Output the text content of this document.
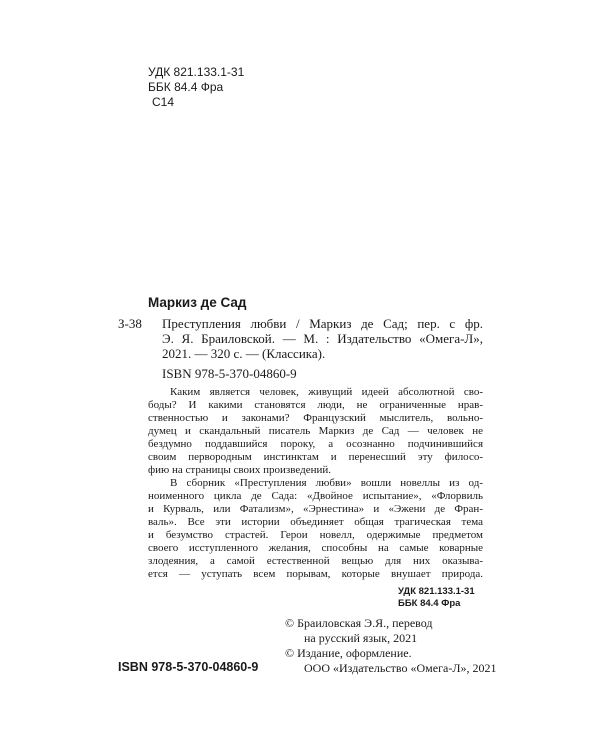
УДК 821.133.1-31
ББК 84.4 Фра
С14
Маркиз де Сад
З-38 Преступления любви / Маркиз де Сад; пер. с фр.
Э. Я. Браиловской. — М. : Издательство «Омега-Л»,
2021. — 320 с. — (Классика).
ISBN 978-5-370-04860-9
Каким является человек, живущий идеей абсолютной сво-
боды? И какими становятся люди, не ограниченные нрав-
ственностью и законами? Французский мыслитель, вольно-
думец и скандальный писатель Маркиз де Сад — человек не
бездумно поддавшийся пороку, а осознанно подчинившийся
своим первородным инстинктам и перенесший эту филосо-
фию на страницы своих произведений.
В сборник «Преступления любви» вошли новеллы из од-
ноименного цикла де Сада: «Двойное испытание», «Флорвиль
и Курваль, или Фатализм», «Эрнестина» и «Эжени де Фран-
валь». Все эти истории объединяет общая трагическая тема
и безумство страстей. Герои новелл, одержимые предметом
своего исступленного желания, способны на самые коварные
злодеяния, а самой естественной вещью для них оказыва-
ется — уступать всем порывам, которые внушает природа.
УДК 821.133.1-31
ББК 84.4 Фра
© Браиловская Э.Я., перевод
на русский язык, 2021
© Издание, оформление.
ООО «Издательство «Омега-Л», 2021
ISBN 978-5-370-04860-9
